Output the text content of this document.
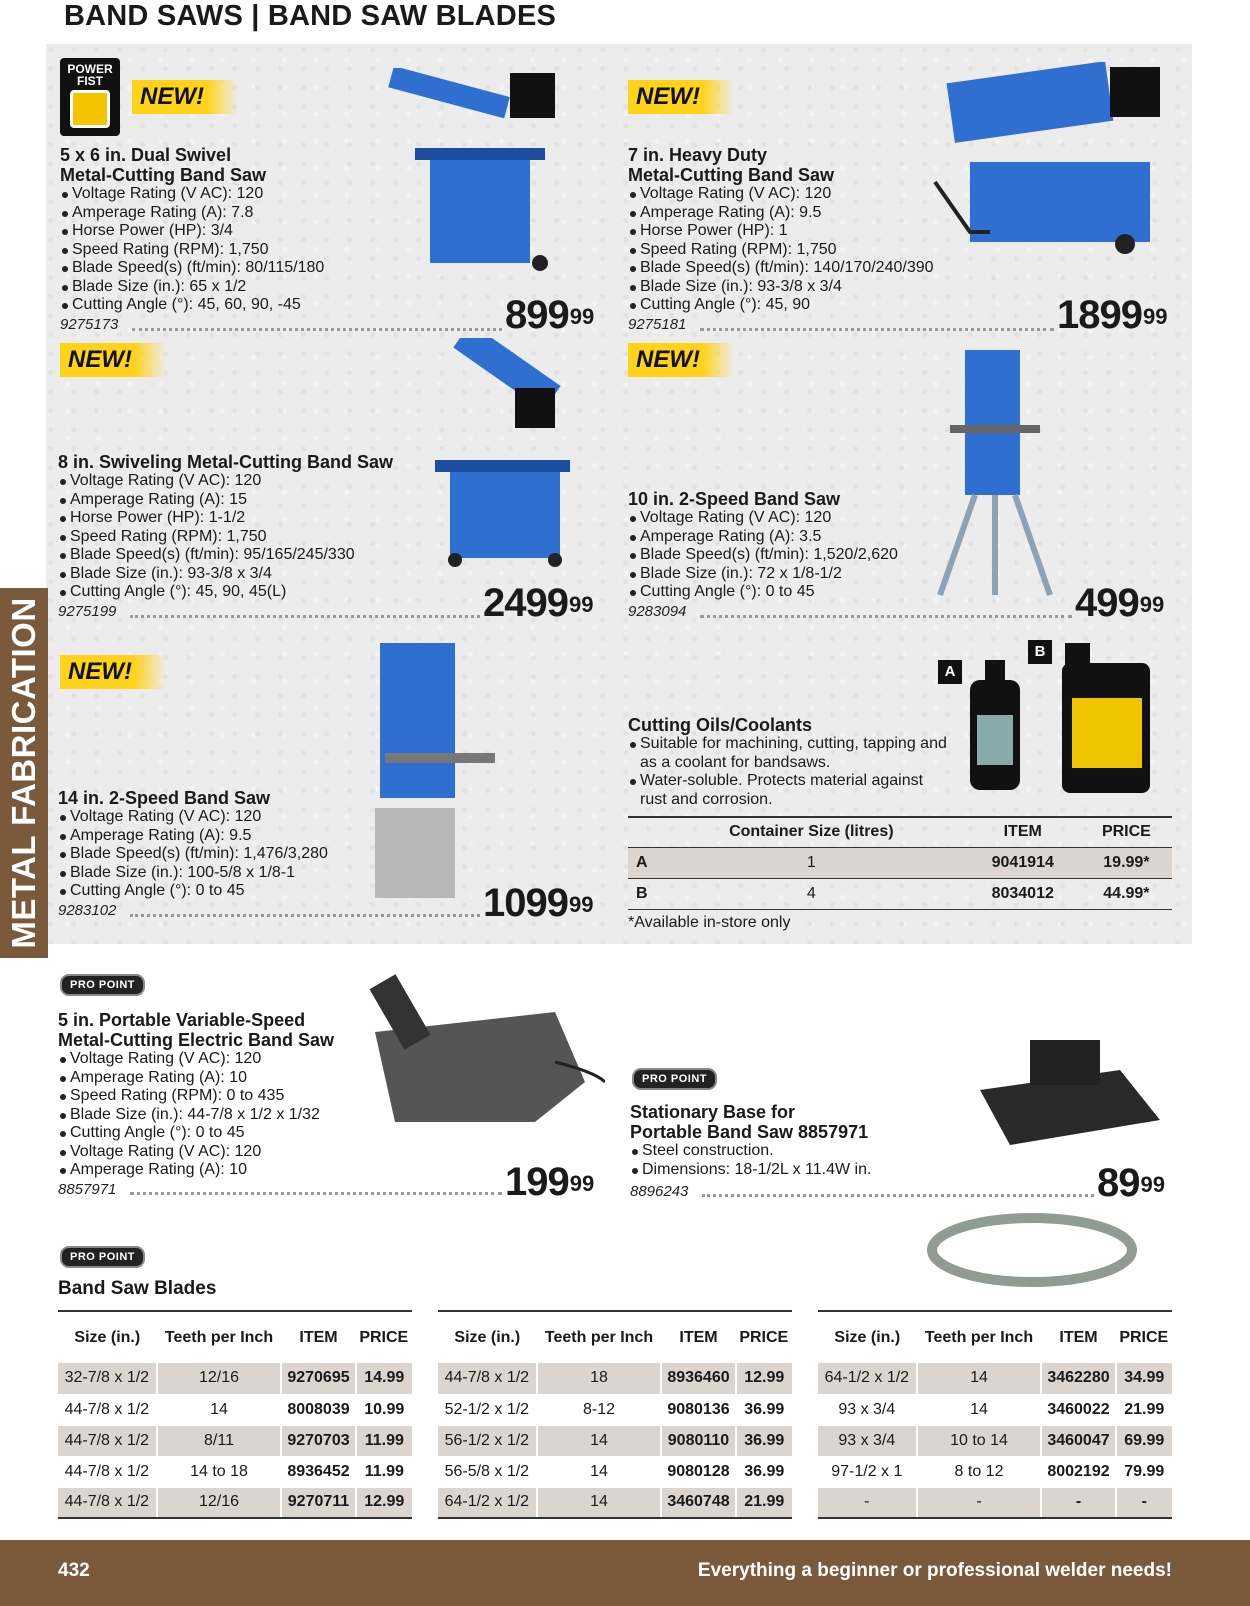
BAND SAWS | BAND SAW BLADES
METAL FABRICATION
POWER FIST
NEW!	NEW!
NEW!	NEW!
NEW!	A
B
5 x 6 in. Dual Swivel
Metal-Cutting Band Saw
Voltage Rating (V AC): 120
Amperage Rating (A): 7.8
Horse Power (HP): 3/4
Speed Rating (RPM): 1,750
Blade Speed(s) (ft/min): 80/115/180
Blade Size (in.): 65 x 1/2
Cutting Angle (°): 45, 60, 90, -45
9275173	$899^{99}$
7 in. Heavy Duty
Metal-Cutting Band Saw
Voltage Rating (V AC): 120
Amperage Rating (A): 9.5
Horse Power (HP): 1
Speed Rating (RPM): 1,750
Blade Speed(s) (ft/min): 140/170/240/390
Blade Size (in.): 93-3/8 x 3/4
Cutting Angle (°): 45, 90
9275181	1899$^{99}$
8 in. Swiveling Metal-Cutting Band Saw
Voltage Rating (V AC): 120
Amperage Rating (A): 15
Horse Power (HP): 1-1/2
Speed Rating (RPM): 1,750
Blade Speed(s) (ft/min): 95/165/245/330
Blade Size (in.): 93-3/8 x 3/4
Cutting Angle (°): 45, 90, 45(L)
9275199	2499$^{99}$
10 in. 2-Speed Band Saw
Voltage Rating (V AC): 120
Amperage Rating (A): 3.5
Blade Speed(s) (ft/min): 1,520/2,620
Blade Size (in.): 72 x 1/8-1/2
Cutting Angle (°): 0 to 45
9283094	$499^{99}$
14 in. 2-Speed Band Saw
Voltage Rating (V AC): 120
Amperage Rating (A): 9.5
Blade Speed(s) (ft/min): 1,476/3,280
Blade Size (in.): 100-5/8 x 1/8-1
Cutting Angle (°): 0 to 45
9283102	1099$^{99}$
Cutting Oils/Coolants
Suitable for machining, cutting, tapping and as a coolant for bandsaws.
Water-soluble. Protects material against rust and corrosion.
	Container Size (litres)	ITEM	PRICE
A	1	9041914	19.99*
B	4	8034012	44.99*
*Available in-store only
PRO POINT
PRO POINT
PRO POINT
5 in. Portable Variable-Speed
Metal-Cutting Electric Band Saw
Voltage Rating (V AC): 120
Amperage Rating (A): 10
Speed Rating (RPM): 0 to 435
Blade Size (in.): 44-7/8 x 1/2 x 1/32
Cutting Angle (°): 0 to 45
Voltage Rating (V AC): 120
Amperage Rating (A): 10
8857971	$199^{99}$
Stationary Base for
Portable Band Saw 8857971
Steel construction.
Dimensions: 18-1/2L x 11.4W in.
8896243	$89^{99}$
Band Saw Blades
Size (in.)	Teeth per Inch	ITEM	PRICE
32-7/8 x 1/2	12/16	9270695	14.99
44-7/8 x 1/2	14	8008039	10.99
44-7/8 x 1/2	8/11	9270703	11.99
44-7/8 x 1/2	14 to 18	8936452	11.99
44-7/8 x 1/2	12/16	9270711	12.99
Size (in.)	Teeth per Inch	ITEM	PRICE
44-7/8 x 1/2	18	8936460	12.99
52-1/2 x 1/2	8-12	9080136	36.99
56-1/2 x 1/2	14	9080110	36.99
56-5/8 x 1/2	14	9080128	36.99
64-1/2 x 1/2	14	3460748	21.99
Size (in.)	Teeth per Inch	ITEM	PRICE
64-1/2 x 1/2	14	3462280	34.99
93 x 3/4	14	3460022	21.99
93 x 3/4	10 to 14	3460047	69.99
97-1/2 x 1	8 to 12	8002192	79.99
-	-	-	-
432	Everything a beginner or professional welder needs!
